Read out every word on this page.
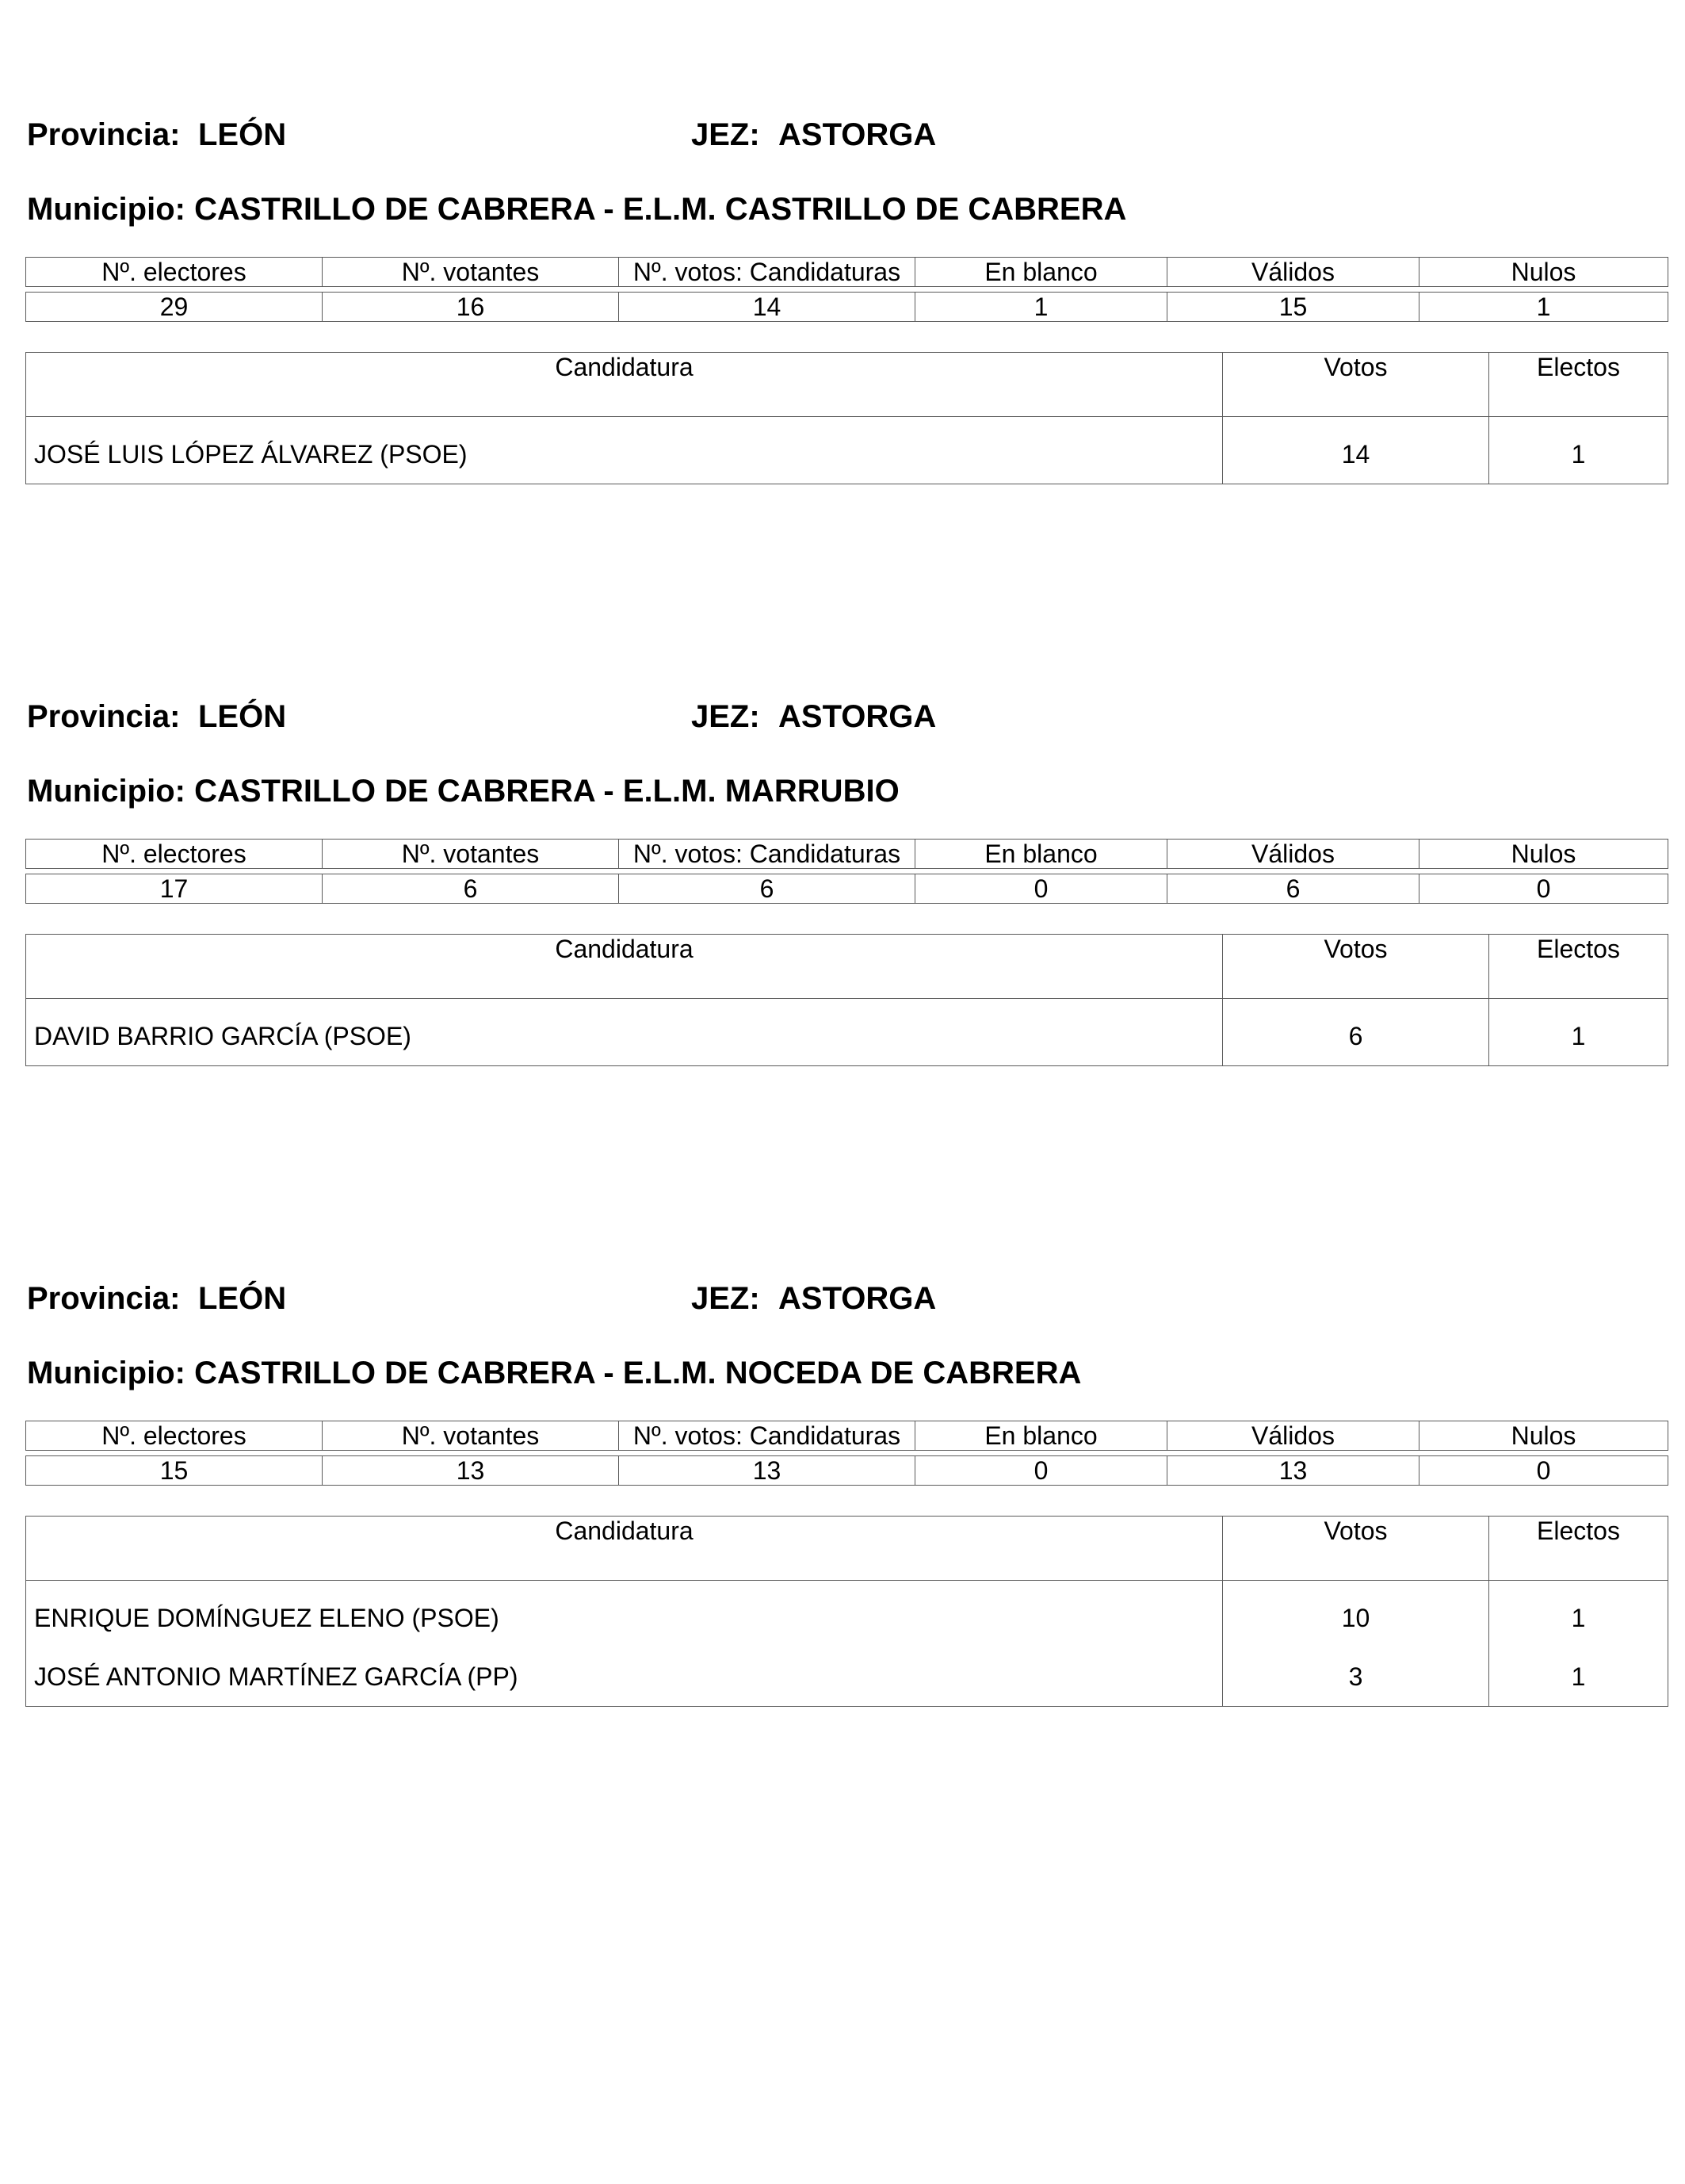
Provincia: LEÓN	JEZ: ASTORGA
Municipio: CASTRILLO DE CABRERA - E.L.M. CASTRILLO DE CABRERA
Nº. electores	Nº. votantes	Nº. votos: Candidaturas	En blanco	Válidos	Nulos

29	16	14	1	15	1
Candidatura	Votos	Electos
JOSÉ LUIS LÓPEZ ÁLVAREZ (PSOE)	14	1
Provincia: LEÓN	JEZ: ASTORGA
Municipio: CASTRILLO DE CABRERA - E.L.M. MARRUBIO
Nº. electores	Nº. votantes	Nº. votos: Candidaturas	En blanco	Válidos	Nulos

17	6	6	0	6	0
Candidatura	Votos	Electos
DAVID BARRIO GARCÍA (PSOE)	6	1
Provincia: LEÓN	JEZ: ASTORGA
Municipio: CASTRILLO DE CABRERA - E.L.M. NOCEDA DE CABRERA
Nº. electores	Nº. votantes	Nº. votos: Candidaturas	En blanco	Válidos	Nulos

15	13	13	0	13	0
Candidatura	Votos	Electos
ENRIQUE DOMÍNGUEZ ELENO (PSOE)	10	1
JOSÉ ANTONIO MARTÍNEZ GARCÍA (PP)	3	1
